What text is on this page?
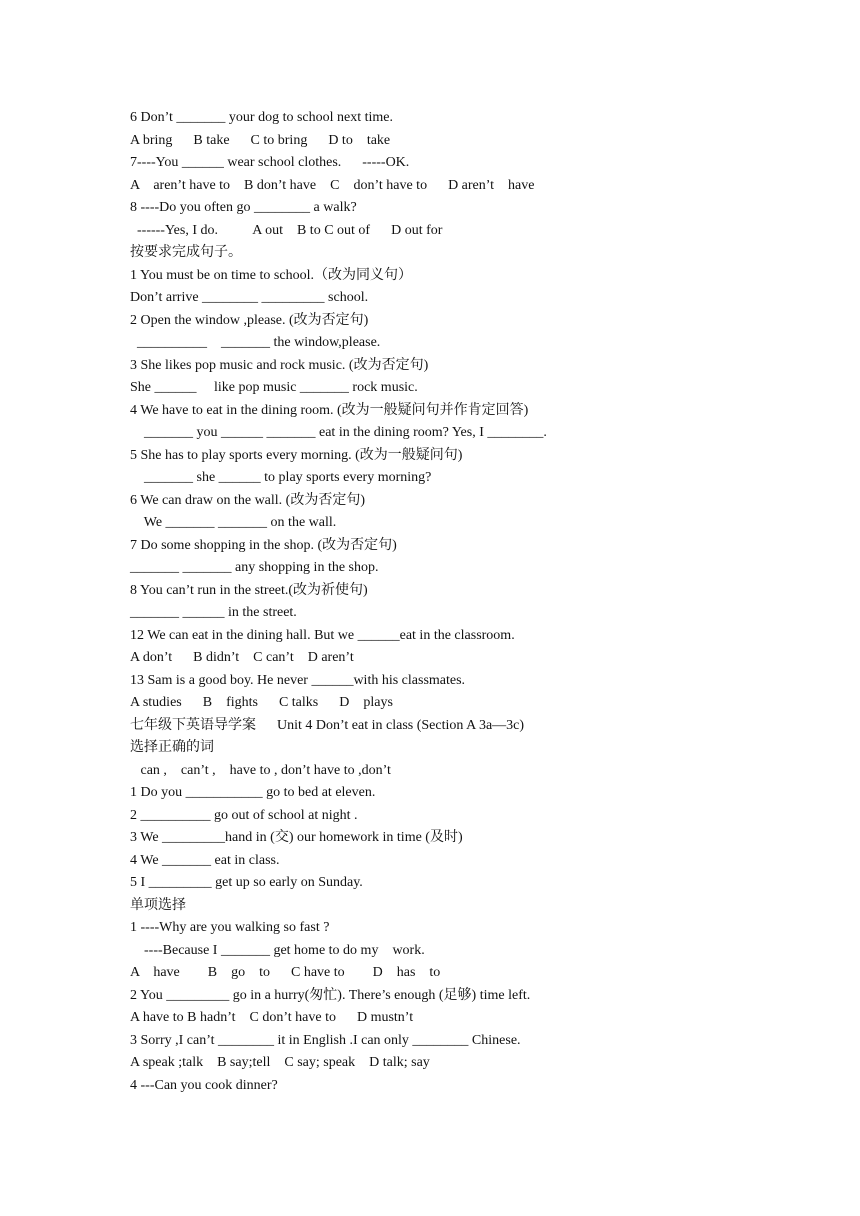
6 Don’t _______ your dog to school next time.
A bring      B take      C to bring      D to    take
7----You ______ wear school clothes.      -----OK.
A    aren’t have to    B don’t have    C    don’t have to      D aren’t    have
8 ----Do you often go ________ a walk?
------Yes, I do.          A out    B to C out of      D out for
按要求完成句子。
1 You must be on time to school.（改为同义句）
Don’t arrive ________ _________ school.
2 Open the window ,please. (改为否定句)
__________    _______ the window,please.
3 She likes pop music and rock music. (改为否定句)
She ______     like pop music _______ rock music.
4 We have to eat in the dining room. (改为一般疑问句并作肯定回答)
_______ you ______ _______ eat in the dining room? Yes, I ________.
5 She has to play sports every morning. (改为一般疑问句)
_______ she ______ to play sports every morning?
6 We can draw on the wall. (改为否定句)
We _______ _______ on the wall.
7 Do some shopping in the shop. (改为否定句)
_______ _______ any shopping in the shop.
8 You can’t run in the street.(改为祈使句)
_______ ______ in the street.
12 We can eat in the dining hall. But we ______eat in the classroom.
A don’t      B didn’t    C can’t    D aren’t
13 Sam is a good boy. He never ______with his classmates.
A studies      B    fights      C talks      D    plays
七年级下英语导学案      Unit 4 Don’t eat in class (Section A 3a—3c)
选择正确的词
can ,    can’t ,    have to , don’t have to ,don’t
1 Do you ___________ go to bed at eleven.
2 __________ go out of school at night .
3 We _________hand in (交) our homework in time (及时)
4 We _______ eat in class.
5 I _________ get up so early on Sunday.
单项选择
1 ----Why are you walking so fast ?
----Because I _______ get home to do my    work.
A    have        B    go    to      C have to        D    has    to
2 You _________ go in a hurry(匆忙). There’s enough (足够) time left.
A have to B hadn’t    C don’t have to      D mustn’t
3 Sorry ,I can’t ________ it in English .I can only ________ Chinese.
A speak ;talk    B say;tell    C say; speak    D talk; say
4 ---Can you cook dinner?
